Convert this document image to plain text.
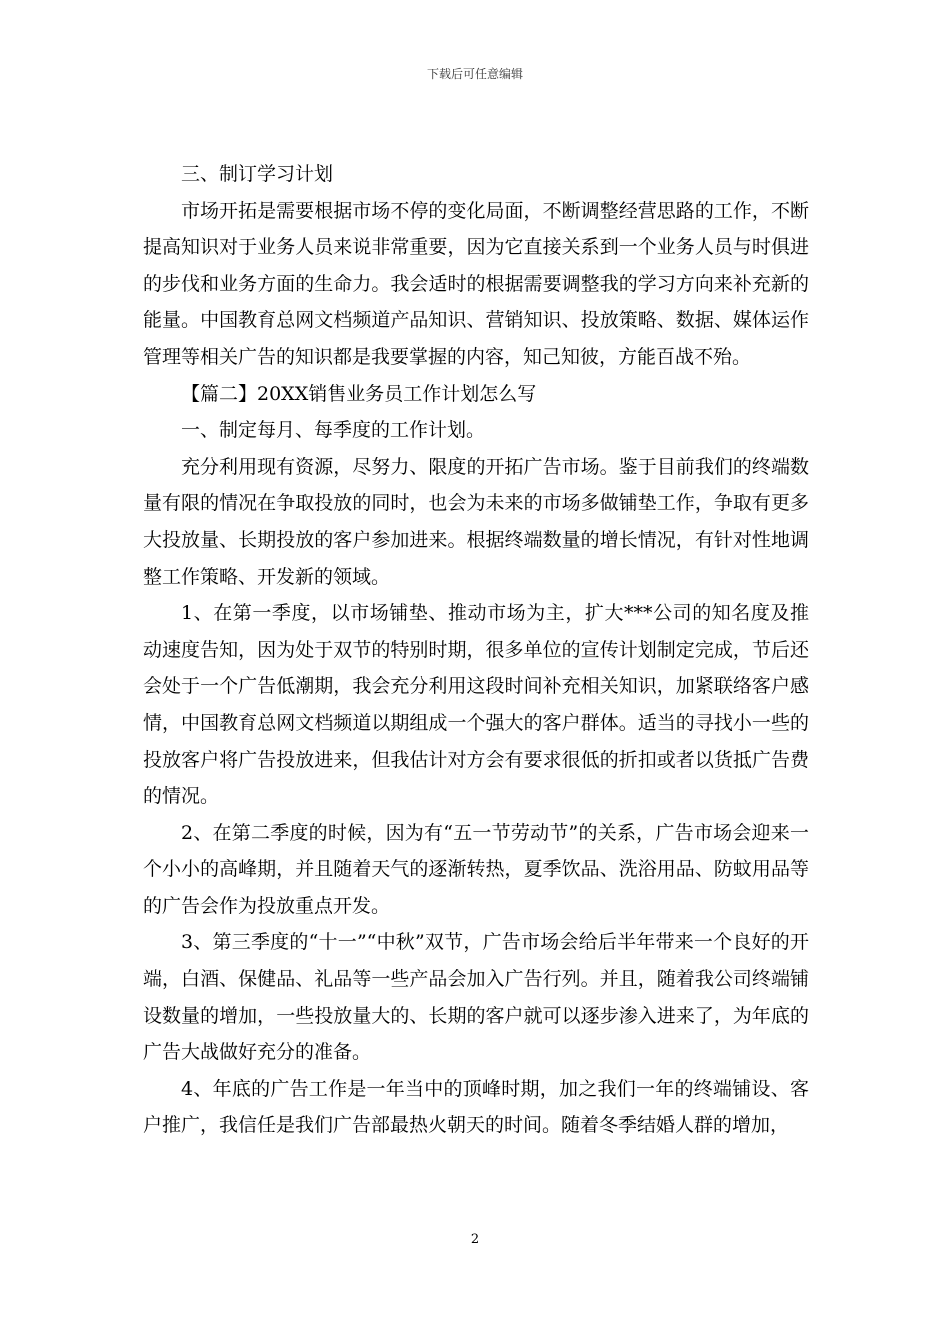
下载后可任意编辑

三、制订学习计划

市场开拓是需要根据市场不停的变化局面，不断调整经营思路的工作，不断提高知识对于业务人员来说非常重要，因为它直接关系到一个业务人员与时俱进的步伐和业务方面的生命力。我会适时的根据需要调整我的学习方向来补充新的能量。中国教育总网文档频道产品知识、营销知识、投放策略、数据、媒体运作管理等相关广告的知识都是我要掌握的内容，知己知彼，方能百战不殆。

【篇二】20XX销售业务员工作计划怎么写

一、制定每月、每季度的工作计划。

充分利用现有资源，尽努力、限度的开拓广告市场。鉴于目前我们的终端数量有限的情况在争取投放的同时，也会为未来的市场多做铺垫工作，争取有更多大投放量、长期投放的客户参加进来。根据终端数量的增长情况，有针对性地调整工作策略、开发新的领域。

1、在第一季度，以市场铺垫、推动市场为主，扩大***公司的知名度及推动速度告知，因为处于双节的特别时期，很多单位的宣传计划制定完成，节后还会处于一个广告低潮期，我会充分利用这段时间补充相关知识，加紧联络客户感情，中国教育总网文档频道以期组成一个强大的客户群体。适当的寻找小一些的投放客户将广告投放进来，但我估计对方会有要求很低的折扣或者以货抵广告费的情况。

2、在第二季度的时候，因为有“五一节劳动节”的关系，广告市场会迎来一个小小的高峰期，并且随着天气的逐渐转热，夏季饮品、洗浴用品、防蚊用品等的广告会作为投放重点开发。

3、第三季度的“十一”“中秋”双节，广告市场会给后半年带来一个良好的开端，白酒、保健品、礼品等一些产品会加入广告行列。并且，随着我公司终端铺设数量的增加，一些投放量大的、长期的客户就可以逐步渗入进来了，为年底的广告大战做好充分的准备。

4、年底的广告工作是一年当中的顶峰时期，加之我们一年的终端铺设、客户推广，我信任是我们广告部最热火朝天的时间。随着冬季结婚人群的增加，

2
